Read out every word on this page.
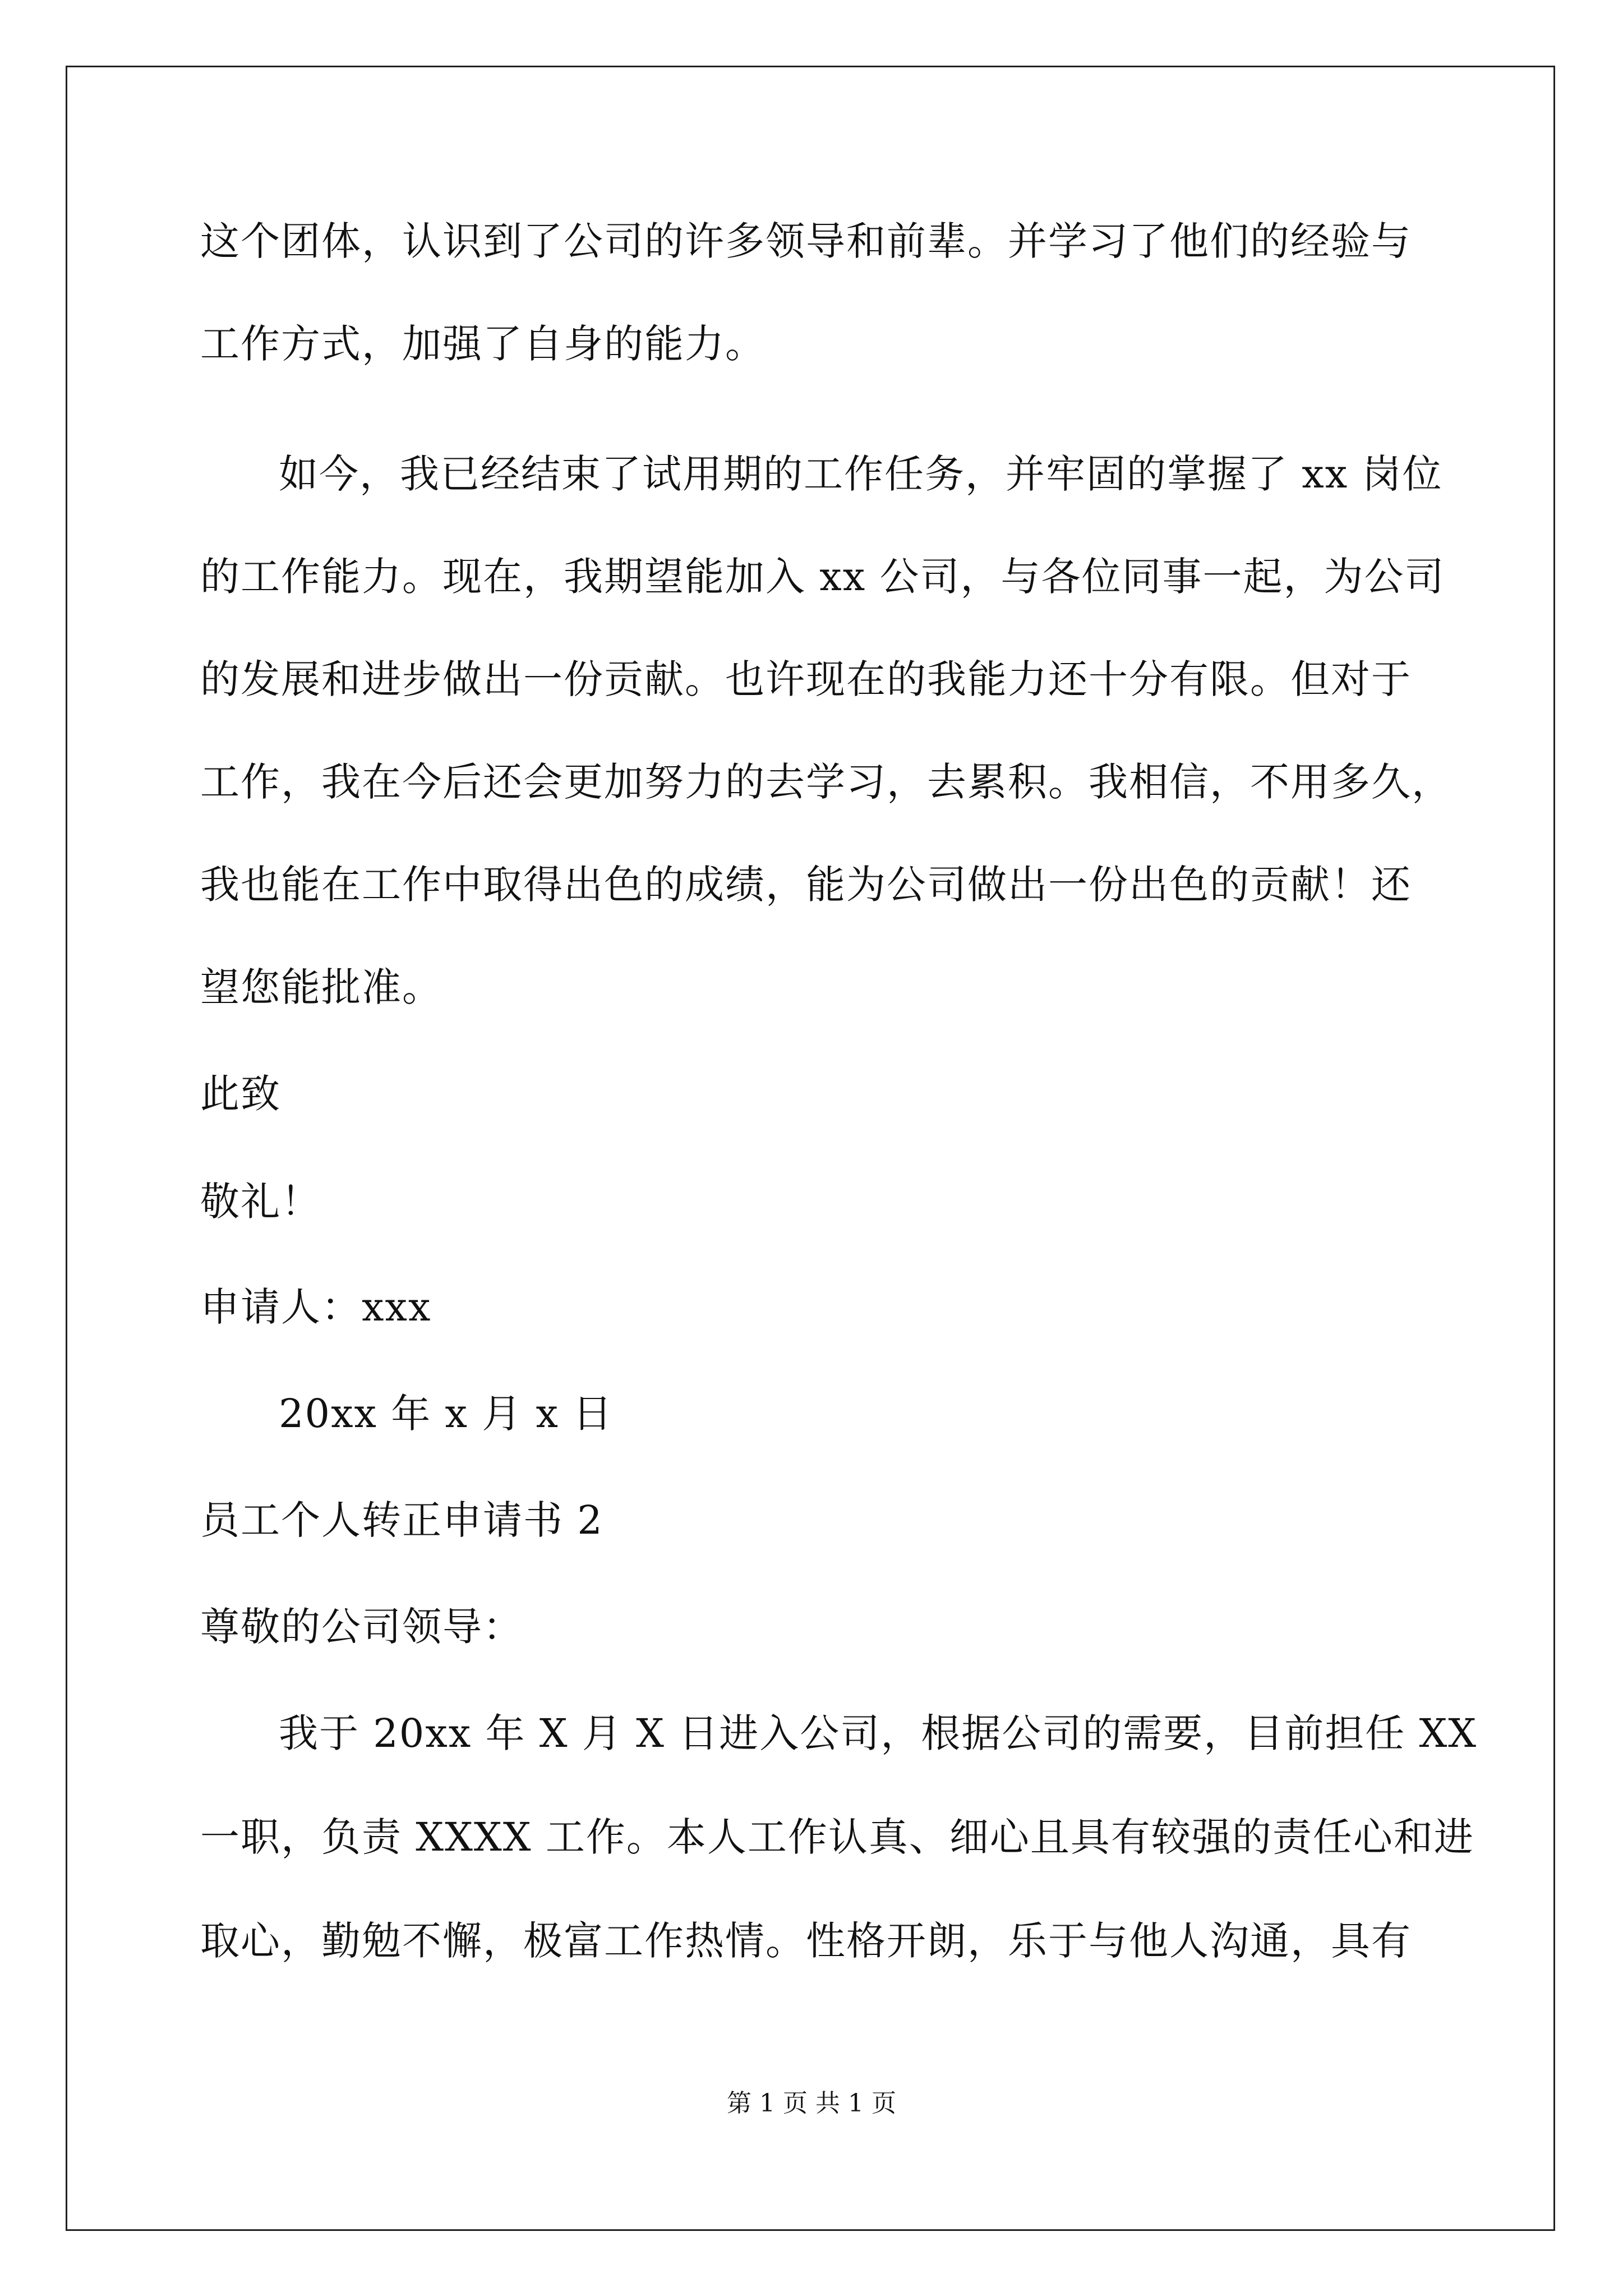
这个团体，认识到了公司的许多领导和前辈。并学习了他们的经验与
工作方式，加强了自身的能力。
如今，我已经结束了试用期的工作任务，并牢固的掌握了 xx 岗位
的工作能力。现在，我期望能加入 xx 公司，与各位同事一起，为公司
的发展和进步做出一份贡献。也许现在的我能力还十分有限。但对于
工作，我在今后还会更加努力的去学习，去累积。我相信，不用多久，
我也能在工作中取得出色的成绩，能为公司做出一份出色的贡献！还
望您能批准。
此致
敬礼！
申请人：xxx
20xx 年 x 月 x 日
员工个人转正申请书 2
尊敬的公司领导：
我于 20xx 年 X 月 X 日进入公司，根据公司的需要，目前担任 XX
一职，负责 XXXX 工作。本人工作认真、细心且具有较强的责任心和进
取心，勤勉不懈，极富工作热情。性格开朗，乐于与他人沟通，具有
第 1 页 共 1 页
